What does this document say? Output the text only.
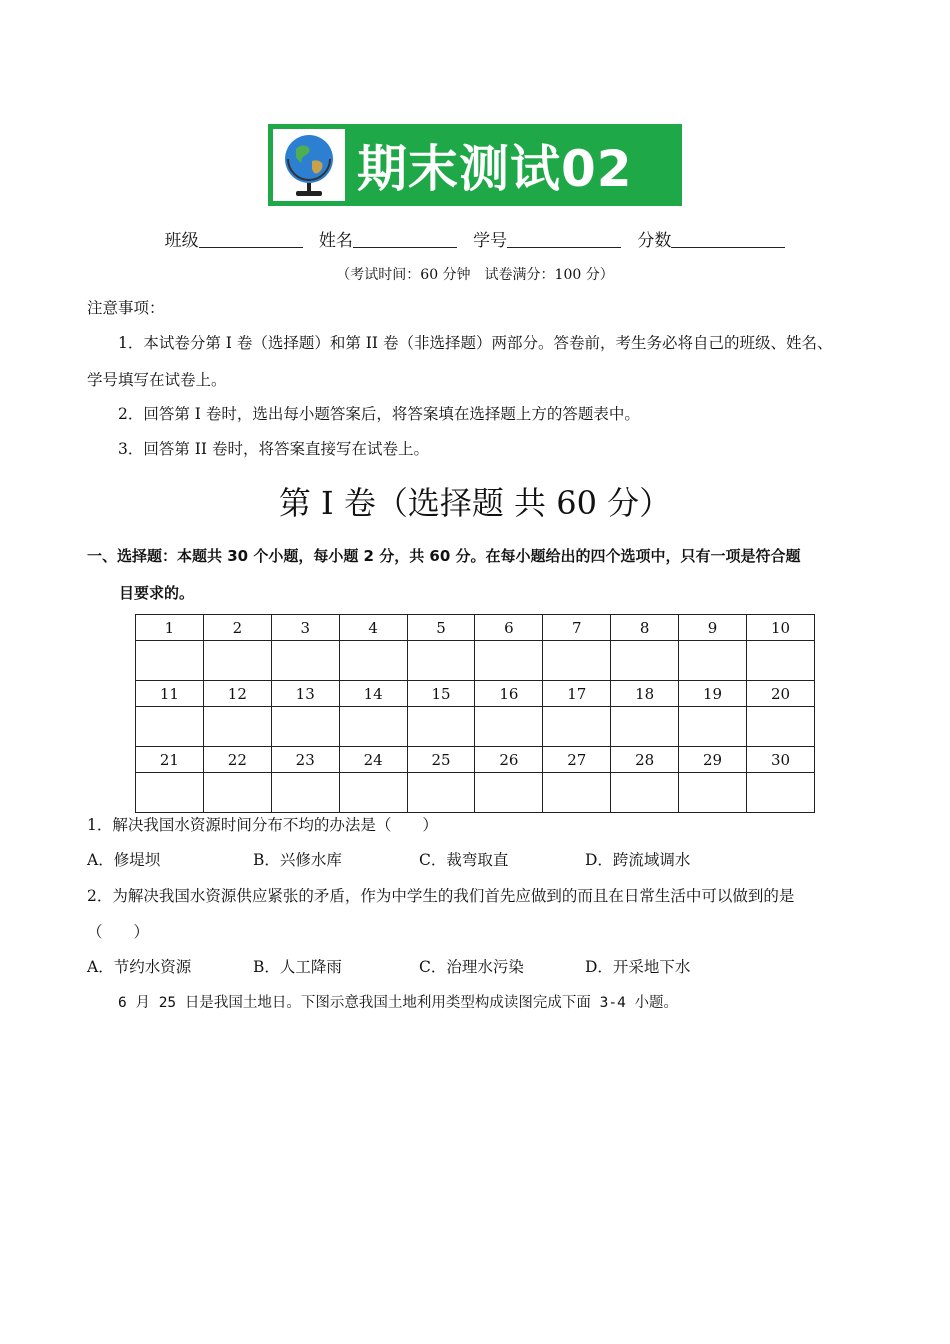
期末测试02
班级	姓名	学号	分数
（考试时间：60 分钟　试卷满分：100 分）
注意事项：
1．本试卷分第 I 卷（选择题）和第 II 卷（非选择题）两部分。答卷前，考生务必将自己的班级、姓名、
学号填写在试卷上。
2．回答第 I 卷时，选出每小题答案后，将答案填在选择题上方的答题表中。
3．回答第 II 卷时，将答案直接写在试卷上。
第 I 卷（选择题 共 60 分）
一、选择题：本题共 30 个小题，每小题 2 分，共 60 分。在每小题给出的四个选项中，只有一项是符合题
目要求的。
1	2	3	4	5	6	7	8	9	10

11	12	13	14	15	16	17	18	19	20

21	22	23	24	25	26	27	28	29	30

1．解决我国水资源时间分布不均的办法是（　　）
A．修堤坝	B．兴修水库	C．裁弯取直	D．跨流域调水
2．为解决我国水资源供应紧张的矛盾，作为中学生的我们首先应做到的而且在日常生活中可以做到的是
（　　）
A．节约水资源	B．人工降雨	C．治理水污染	D．开采地下水
6 月 25 日是我国土地日。下图示意我国土地利用类型构成读图完成下面 3-4 小题。
